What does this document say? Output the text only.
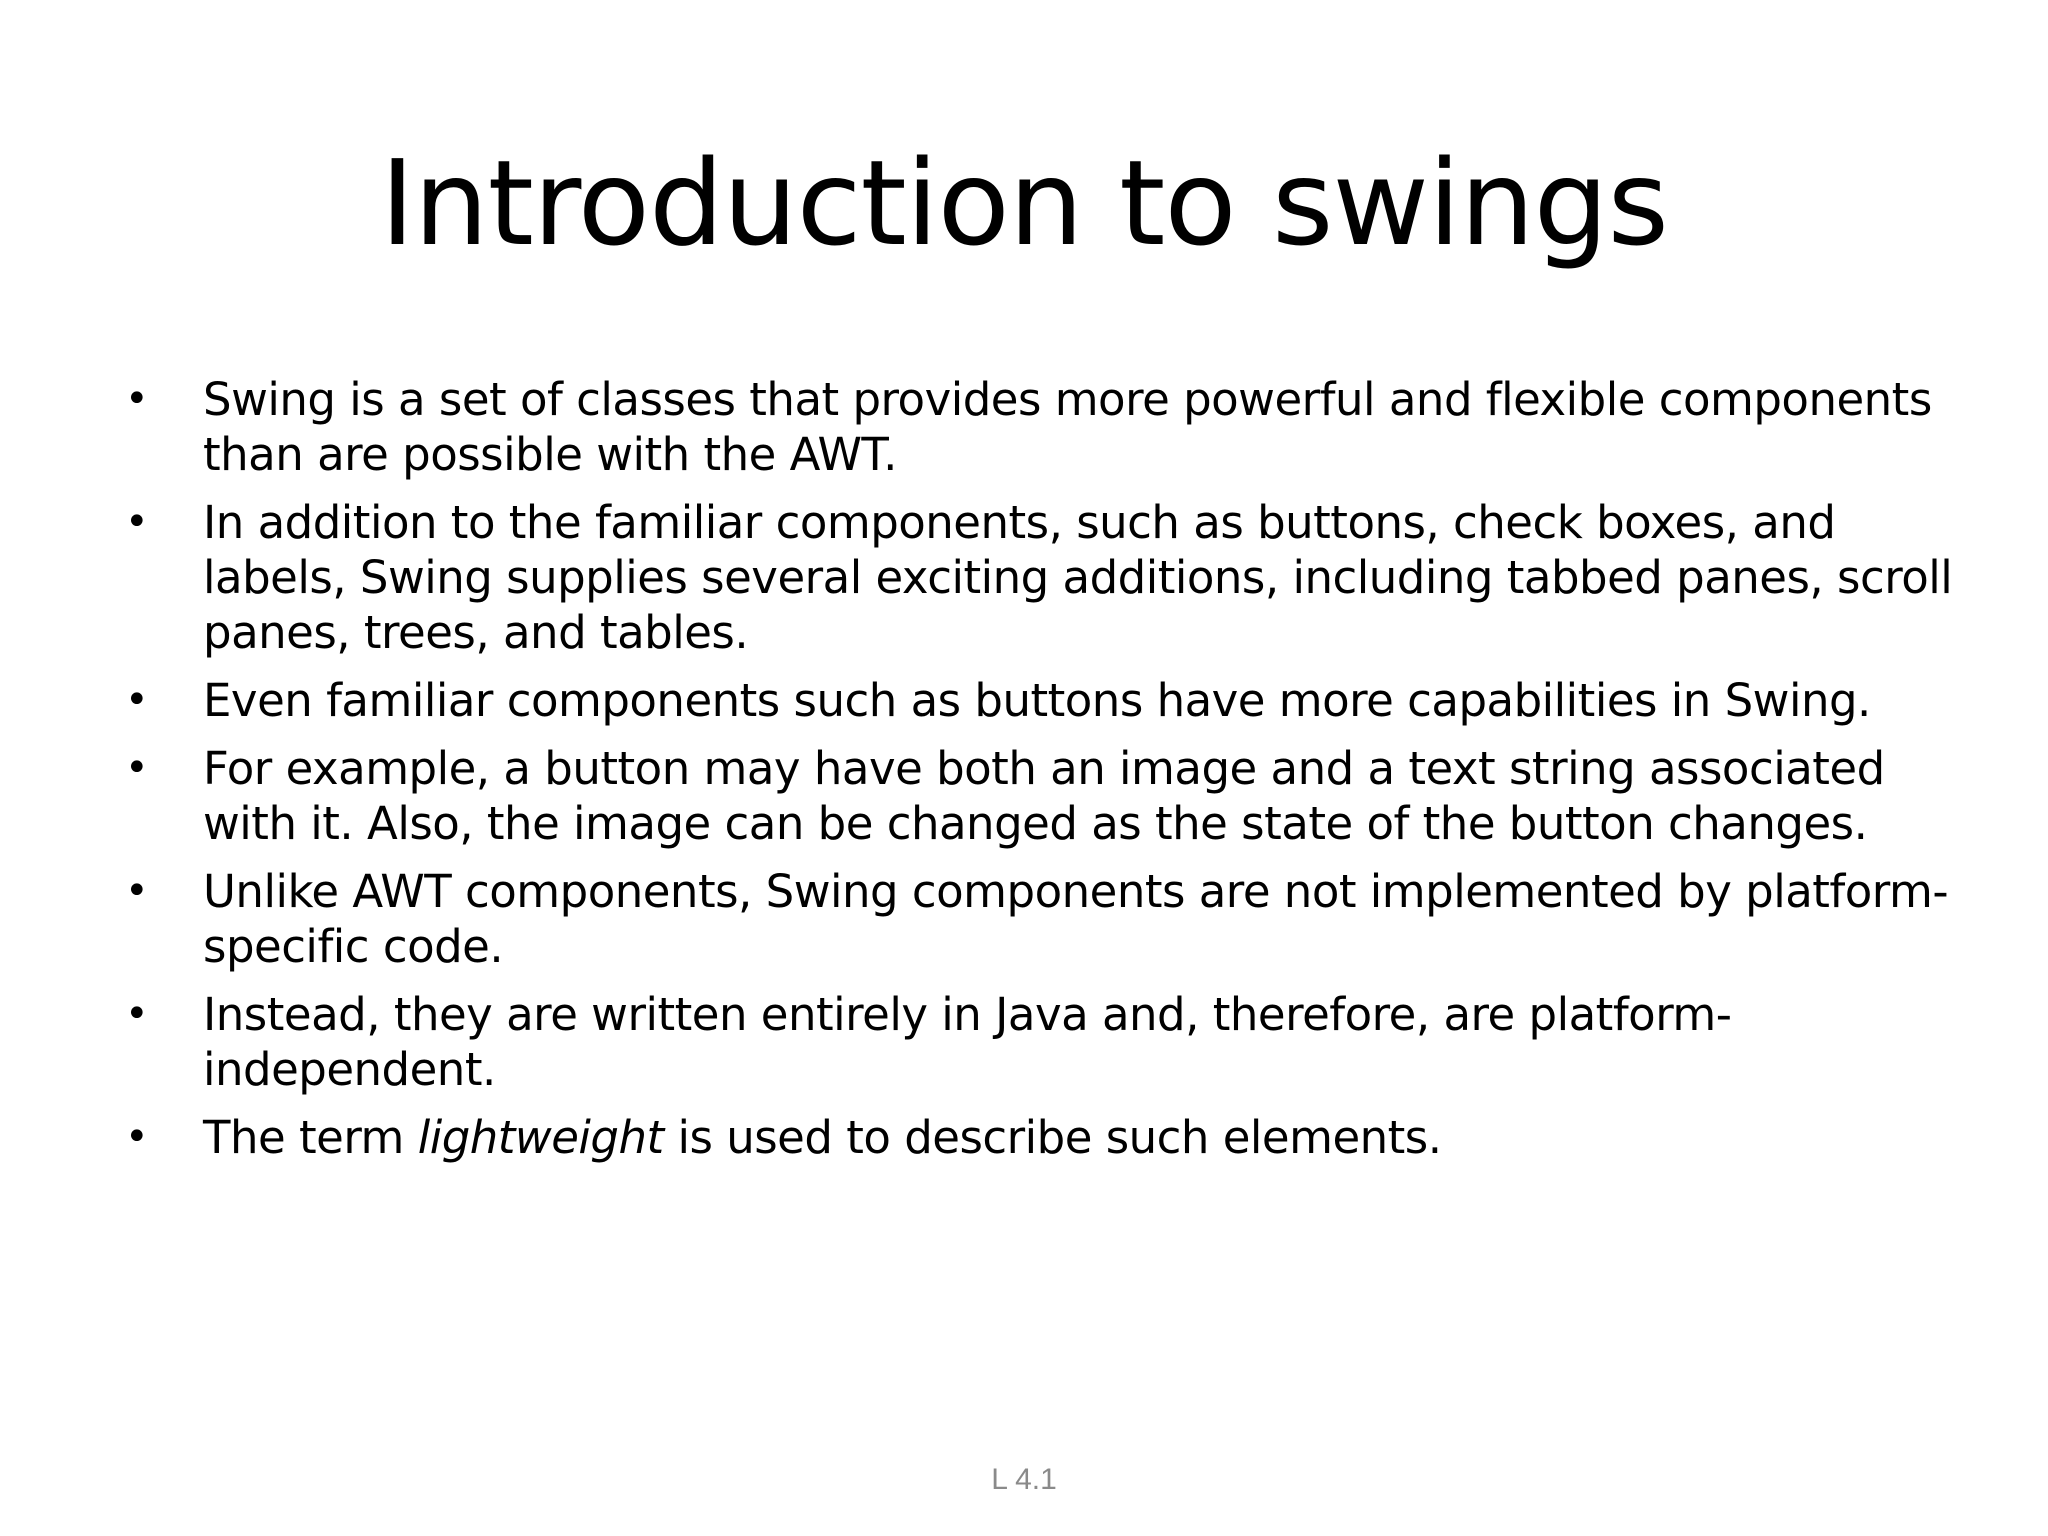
Introduction to swings
• Swing is a set of classes that provides more powerful and flexible components than are possible with the AWT.
• In addition to the familiar components, such as buttons, check boxes, and labels, Swing supplies several exciting additions, including tabbed panes, scroll panes, trees, and tables.
• Even familiar components such as buttons have more capabilities in Swing.
• For example, a button may have both an image and a text string associated with it. Also, the image can be changed as the state of the button changes.
• Unlike AWT components, Swing components are not implemented by platform-specific code.
• Instead, they are written entirely in Java and, therefore, are platform-independent.
• The term lightweight is used to describe such elements.
L 4.1
